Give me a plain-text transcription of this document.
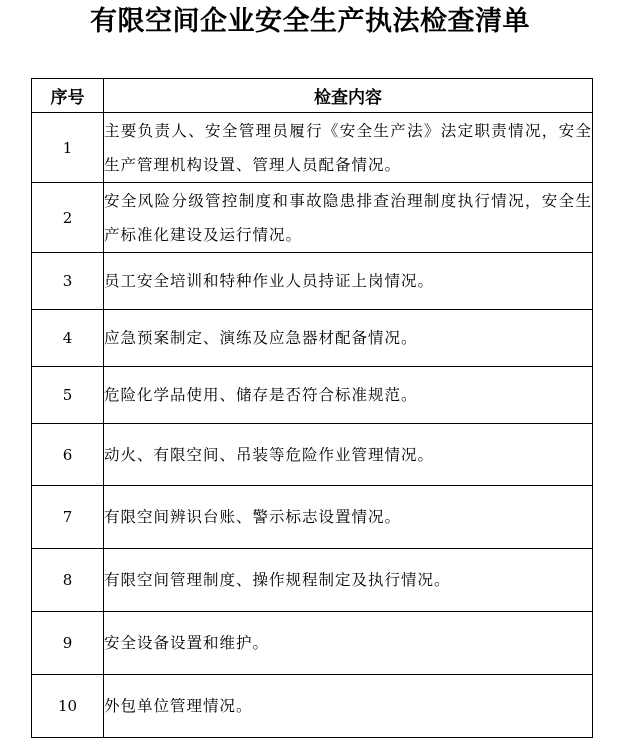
有限空间企业安全生产执法检查清单
序号	检查内容
1	主要负责人、安全管理员履行《安全生产法》法定职责情况，安全生产管理机构设置、管理人员配备情况。
2	安全风险分级管控制度和事故隐患排查治理制度执行情况，安全生产标准化建设及运行情况。
3	员工安全培训和特种作业人员持证上岗情况。
4	应急预案制定、演练及应急器材配备情况。
5	危险化学品使用、储存是否符合标准规范。
6	动火、有限空间、吊装等危险作业管理情况。
7	有限空间辨识台账、警示标志设置情况。
8	有限空间管理制度、操作规程制定及执行情况。
9	安全设备设置和维护。
10	外包单位管理情况。
